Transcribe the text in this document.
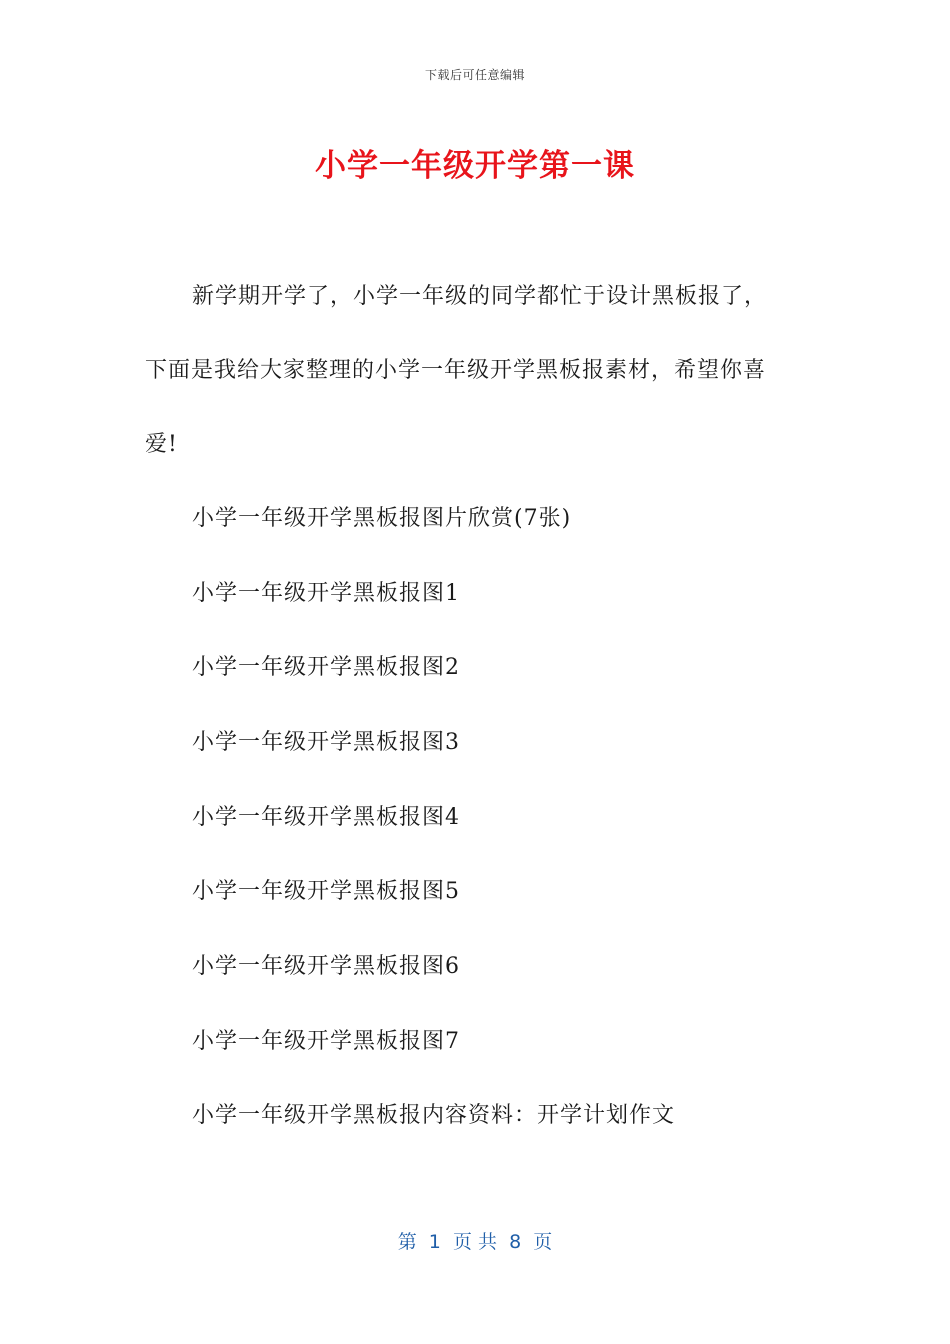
下载后可任意编辑
小学一年级开学第一课
新学期开学了，小学一年级的同学都忙于设计黑板报了，
下面是我给大家整理的小学一年级开学黑板报素材，希望你喜
爱!
小学一年级开学黑板报图片欣赏(7张)
小学一年级开学黑板报图1
小学一年级开学黑板报图2
小学一年级开学黑板报图3
小学一年级开学黑板报图4
小学一年级开学黑板报图5
小学一年级开学黑板报图6
小学一年级开学黑板报图7
小学一年级开学黑板报内容资料：开学计划作文
第  1  页 共  8  页
